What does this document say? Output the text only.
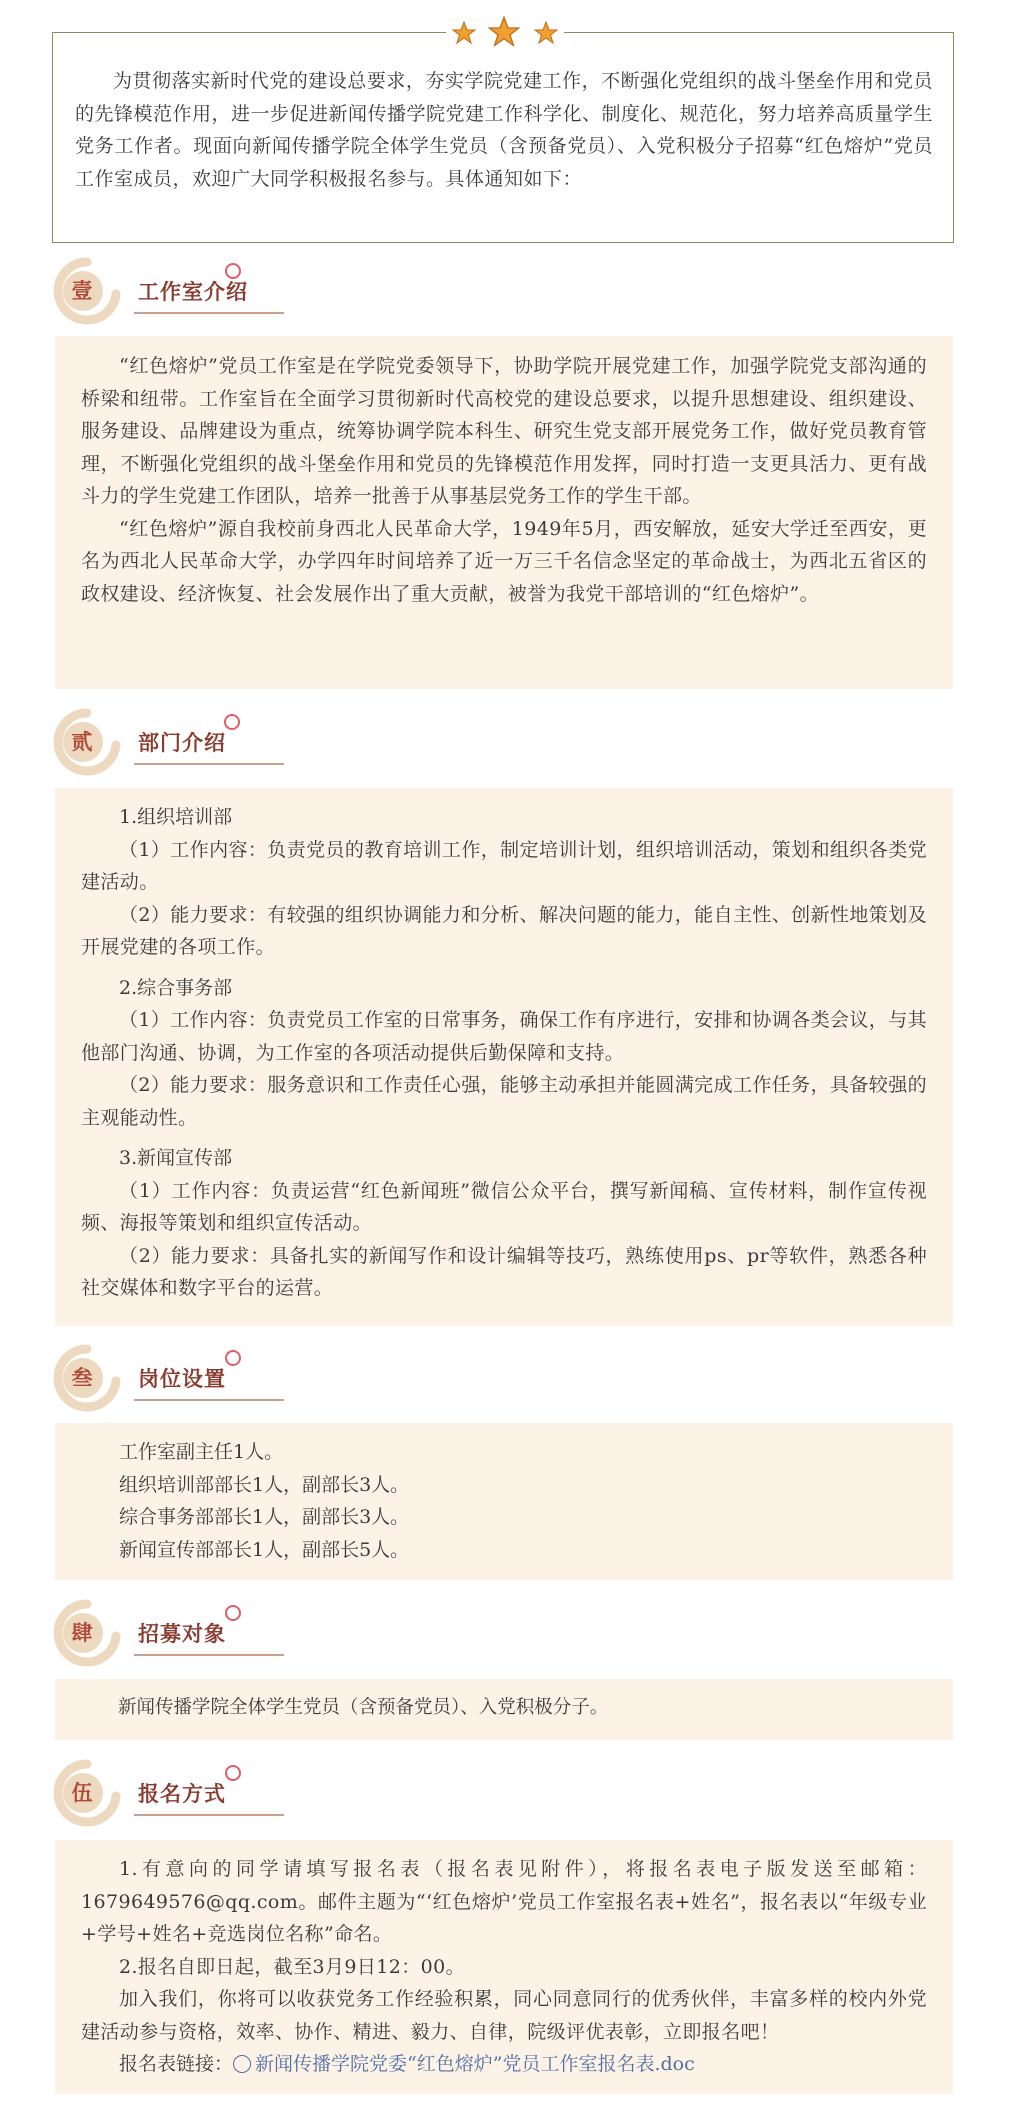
为贯彻落实新时代党的建设总要求，夯实学院党建工作，不断强化党组织的战斗堡垒作用和党员的先锋模范作用，进一步促进新闻传播学院党建工作科学化、制度化、规范化，努力培养高质量学生党务工作者。现面向新闻传播学院全体学生党员（含预备党员）、入党积极分子招募“红色熔炉”党员工作室成员，欢迎广大同学积极报名参与。具体通知如下：
壹	工作室介绍

“红色熔炉”党员工作室是在学院党委领导下，协助学院开展党建工作，加强学院党支部沟通的桥梁和纽带。工作室旨在全面学习贯彻新时代高校党的建设总要求，以提升思想建设、组织建设、服务建设、品牌建设为重点，统筹协调学院本科生、研究生党支部开展党务工作，做好党员教育管理，不断强化党组织的战斗堡垒作用和党员的先锋模范作用发挥，同时打造一支更具活力、更有战斗力的学生党建工作团队，培养一批善于从事基层党务工作的学生干部。

“红色熔炉”源自我校前身西北人民革命大学，1949年5月，西安解放，延安大学迁至西安，更名为西北人民革命大学，办学四年时间培养了近一万三千名信念坚定的革命战士，为西北五省区的政权建设、经济恢复、社会发展作出了重大贡献，被誉为我党干部培训的“红色熔炉”。

贰	部门介绍

1.组织培训部

（1）工作内容：负责党员的教育培训工作，制定培训计划，组织培训活动，策划和组织各类党建活动。

（2）能力要求：有较强的组织协调能力和分析、解决问题的能力，能自主性、创新性地策划及开展党建的各项工作。

2.综合事务部

（1）工作内容：负责党员工作室的日常事务，确保工作有序进行，安排和协调各类会议，与其他部门沟通、协调，为工作室的各项活动提供后勤保障和支持。

（2）能力要求：服务意识和工作责任心强，能够主动承担并能圆满完成工作任务，具备较强的主观能动性。

3.新闻宣传部

（1）工作内容：负责运营“红色新闻班”微信公众平台，撰写新闻稿、宣传材料，制作宣传视频、海报等策划和组织宣传活动。

（2）能力要求：具备扎实的新闻写作和设计编辑等技巧，熟练使用ps、pr等软件，熟悉各种社交媒体和数字平台的运营。

叁	岗位设置

工作室副主任1人。

组织培训部部长1人，副部长3人。

综合事务部部长1人，副部长3人。

新闻宣传部部长1人，副部长5人。

肆	招募对象

新闻传播学院全体学生党员（含预备党员）、入党积极分子。

伍	报名方式

1.有意向的同学请填写报名表（报名表见附件），将报名表电子版发送至邮箱：1679649576@qq.com。邮件主题为“‘红色熔炉’党员工作室报名表+姓名”，报名表以“年级专业+学号+姓名+竞选岗位名称”命名。

2.报名自即日起，截至3月9日12：00。

加入我们，你将可以收获党务工作经验积累，同心同意同行的优秀伙伴，丰富多样的校内外党建活动参与资格，效率、协作、精进、毅力、自律，院级评优表彰，立即报名吧！

报名表链接： 新闻传播学院党委“红色熔炉”党员工作室报名表.doc
